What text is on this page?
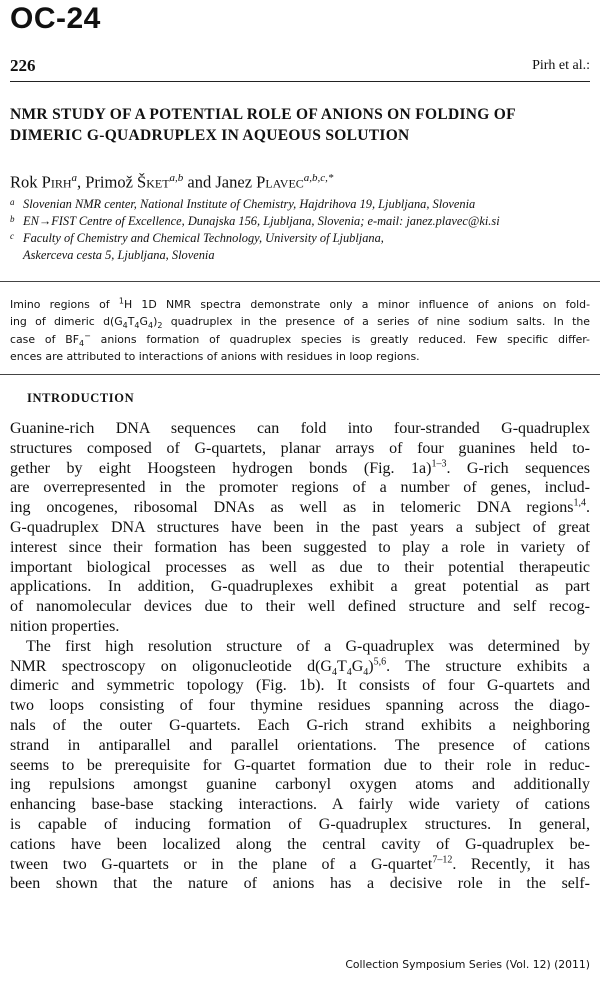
OC-24
226	Pirh et al.:
NMR STUDY OF A POTENTIAL ROLE OF ANIONS ON FOLDING OF
DIMERIC G-QUADRUPLEX IN AQUEOUS SOLUTION
Rok Pirh$^a$, Primož Šket$^{a,b}$ and Janez Plavec$^{a,b,c,*}$
a Slovenian NMR center, National Institute of Chemistry, Hajdrihova 19, Ljubljana, Slovenia
b EN→FIST Centre of Excellence, Dunajska 156, Ljubljana, Slovenia; e-mail: janez.plavec@ki.si
c Faculty of Chemistry and Chemical Technology, University of Ljubljana,
Askerceva cesta 5, Ljubljana, Slovenia
Imino regions of $^1$H 1D NMR spectra demonstrate only a minor influence of anions on fold-
ing of dimeric $d(G_4T_4G_4)_2$ quadruplex in the presence of a series of nine sodium salts. In the
case of $BF_4^-$ anions formation of quadruplex species is greatly reduced. Few specific differ-
ences are attributed to interactions of anions with residues in loop regions.
INTRODUCTION
Guanine-rich DNA sequences can fold into four-stranded G-quadruplex
structures composed of G-quartets, planar arrays of four guanines held to-
gether by eight Hoogsteen hydrogen bonds (Fig. 1a)$^{1-3}$. G-rich sequences
are overrepresented in the promoter regions of a number of genes, includ-
ing oncogenes, ribosomal DNAs as well as in telomeric DNA regions$^{1,4}$.
G-quadruplex DNA structures have been in the past years a subject of great
interest since their formation has been suggested to play a role in variety of
important biological processes as well as due to their potential therapeutic
applications. In addition, G-quadruplexes exhibit a great potential as part
of nanomolecular devices due to their well defined structure and self recog-
nition properties.
The first high resolution structure of a G-quadruplex was determined by
NMR spectroscopy on oligonucleotide $d(G_4T_4G_4)^{5,6}$. The structure exhibits a
dimeric and symmetric topology (Fig. 1b). It consists of four G-quartets and
two loops consisting of four thymine residues spanning across the diago-
nals of the outer G-quartets. Each G-rich strand exhibits a neighboring
strand in antiparallel and parallel orientations. The presence of cations
seems to be prerequisite for G-quartet formation due to their role in reduc-
ing repulsions amongst guanine carbonyl oxygen atoms and additionally
enhancing base-base stacking interactions. A fairly wide variety of cations
is capable of inducing formation of G-quadruplex structures. In general,
cations have been localized along the central cavity of G-quadruplex be-
tween two G-quartets or in the plane of a G-quartet$^{7-12}$. Recently, it has
been shown that the nature of anions has a decisive role in the self-
Collection Symposium Series (Vol. 12) (2011)
